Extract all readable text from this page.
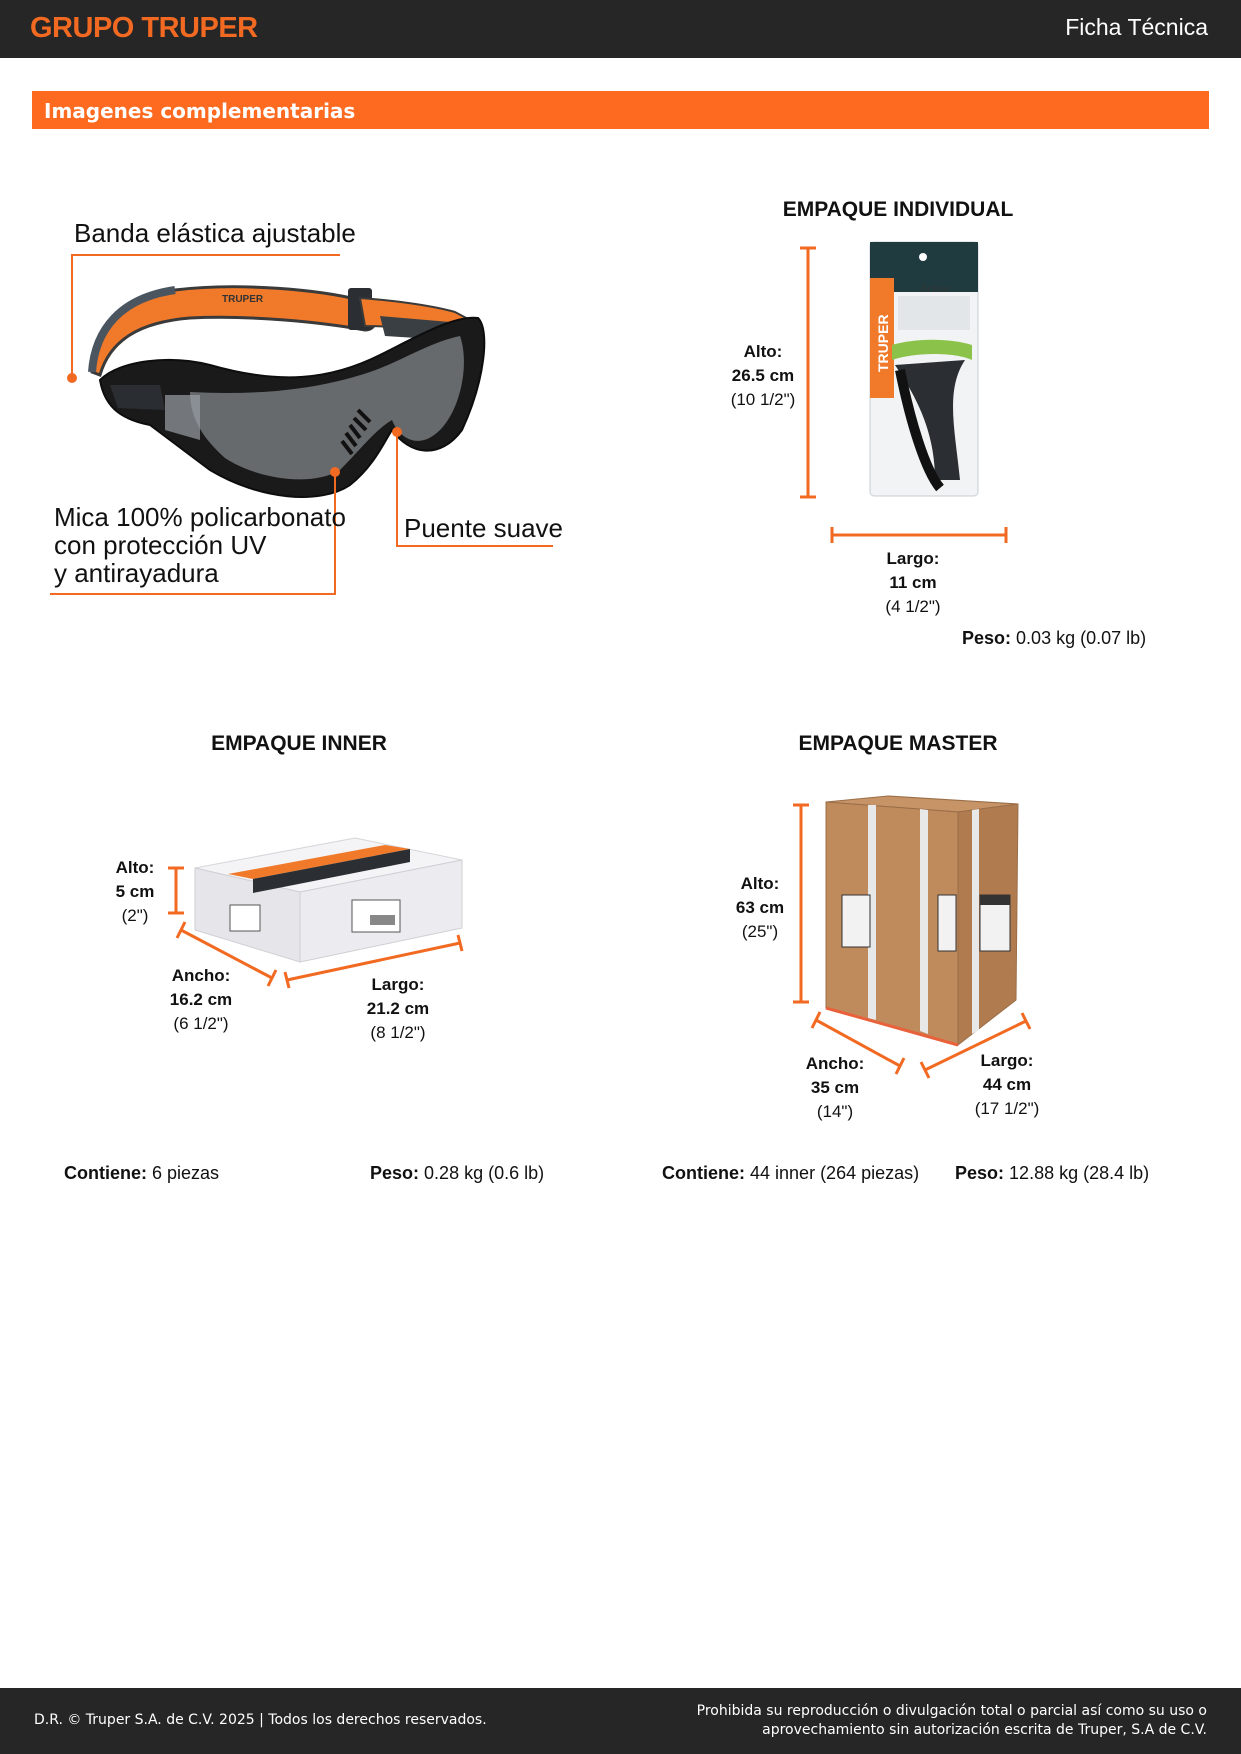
GRUPO TRUPER	Ficha Técnica
Imagenes complementarias
TRUPER
Banda elástica ajustable
Mica 100% policarbonato
con protección UV
y antirayadura
Puente suave
EMPAQUE INDIVIDUAL
TRUPER
Active
Alto:
26.5 cm
(10 1/2")
Largo:
11 cm
(4 1/2")
Peso: 0.03 kg (0.07 lb)
EMPAQUE INNER
Alto:
5 cm
(2")
Ancho:
16.2 cm
(6 1/2")
Largo:
21.2 cm
(8 1/2")
Contiene: 6 piezas	Peso: 0.28 kg (0.6 lb)
EMPAQUE MASTER
Alto:
63 cm
(25")
Ancho:
35 cm
(14")
Largo:
44 cm
(17 1/2")
Contiene: 44 inner (264 piezas) Peso: 12.88 kg (28.4 lb)
D.R. © Truper S.A. de C.V. 2025 | Todos los derechos reservados.
Prohibida su reproducción o divulgación total o parcial así como su uso o
aprovechamiento sin autorización escrita de Truper, S.A de C.V.
